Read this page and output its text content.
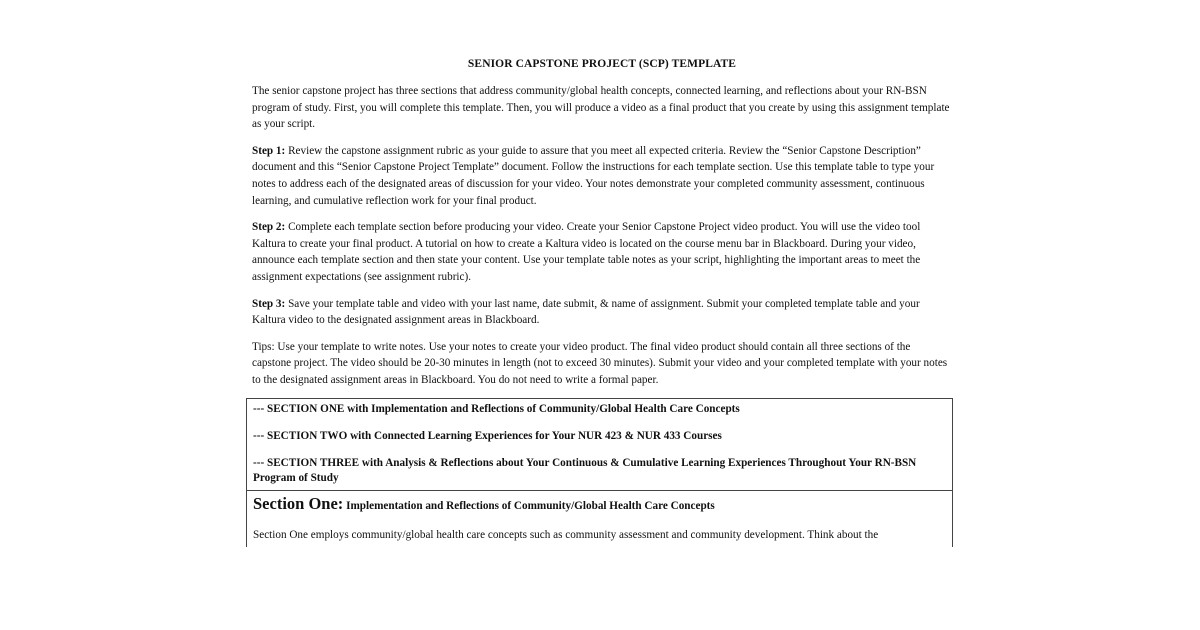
SENIOR CAPSTONE PROJECT (SCP) TEMPLATE

The senior capstone project has three sections that address community/global health concepts, connected learning, and reflections about your RN-BSN program of study. First, you will complete this template. Then, you will produce a video as a final product that you create by using this assignment template as your script.

Step 1: Review the capstone assignment rubric as your guide to assure that you meet all expected criteria. Review the “Senior Capstone Description” document and this “Senior Capstone Project Template” document. Follow the instructions for each template section. Use this template table to type your notes to address each of the designated areas of discussion for your video. Your notes demonstrate your completed community assessment, continuous learning, and cumulative reflection work for your final product.

Step 2: Complete each template section before producing your video. Create your Senior Capstone Project video product. You will use the video tool Kaltura to create your final product. A tutorial on how to create a Kaltura video is located on the course menu bar in Blackboard. During your video, announce each template section and then state your content. Use your template table notes as your script, highlighting the important areas to meet the assignment expectations (see assignment rubric).

Step 3: Save your template table and video with your last name, date submit, & name of assignment. Submit your completed template table and your Kaltura video to the designated assignment areas in Blackboard.

Tips: Use your template to write notes. Use your notes to create your video product. The final video product should contain all three sections of the capstone project. The video should be 20-30 minutes in length (not to exceed 30 minutes). Submit your video and your completed template with your notes to the designated assignment areas in Blackboard. You do not need to write a formal paper.

--- SECTION ONE with Implementation and Reflections of Community/Global Health Care Concepts

--- SECTION TWO with Connected Learning Experiences for Your NUR 423 & NUR 433 Courses

--- SECTION THREE with Analysis & Reflections about Your Continuous & Cumulative Learning Experiences Throughout Your RN-BSN Program of Study

Section One: Implementation and Reflections of Community/Global Health Care Concepts

Section One employs community/global health care concepts such as community assessment and community development. Think about the
